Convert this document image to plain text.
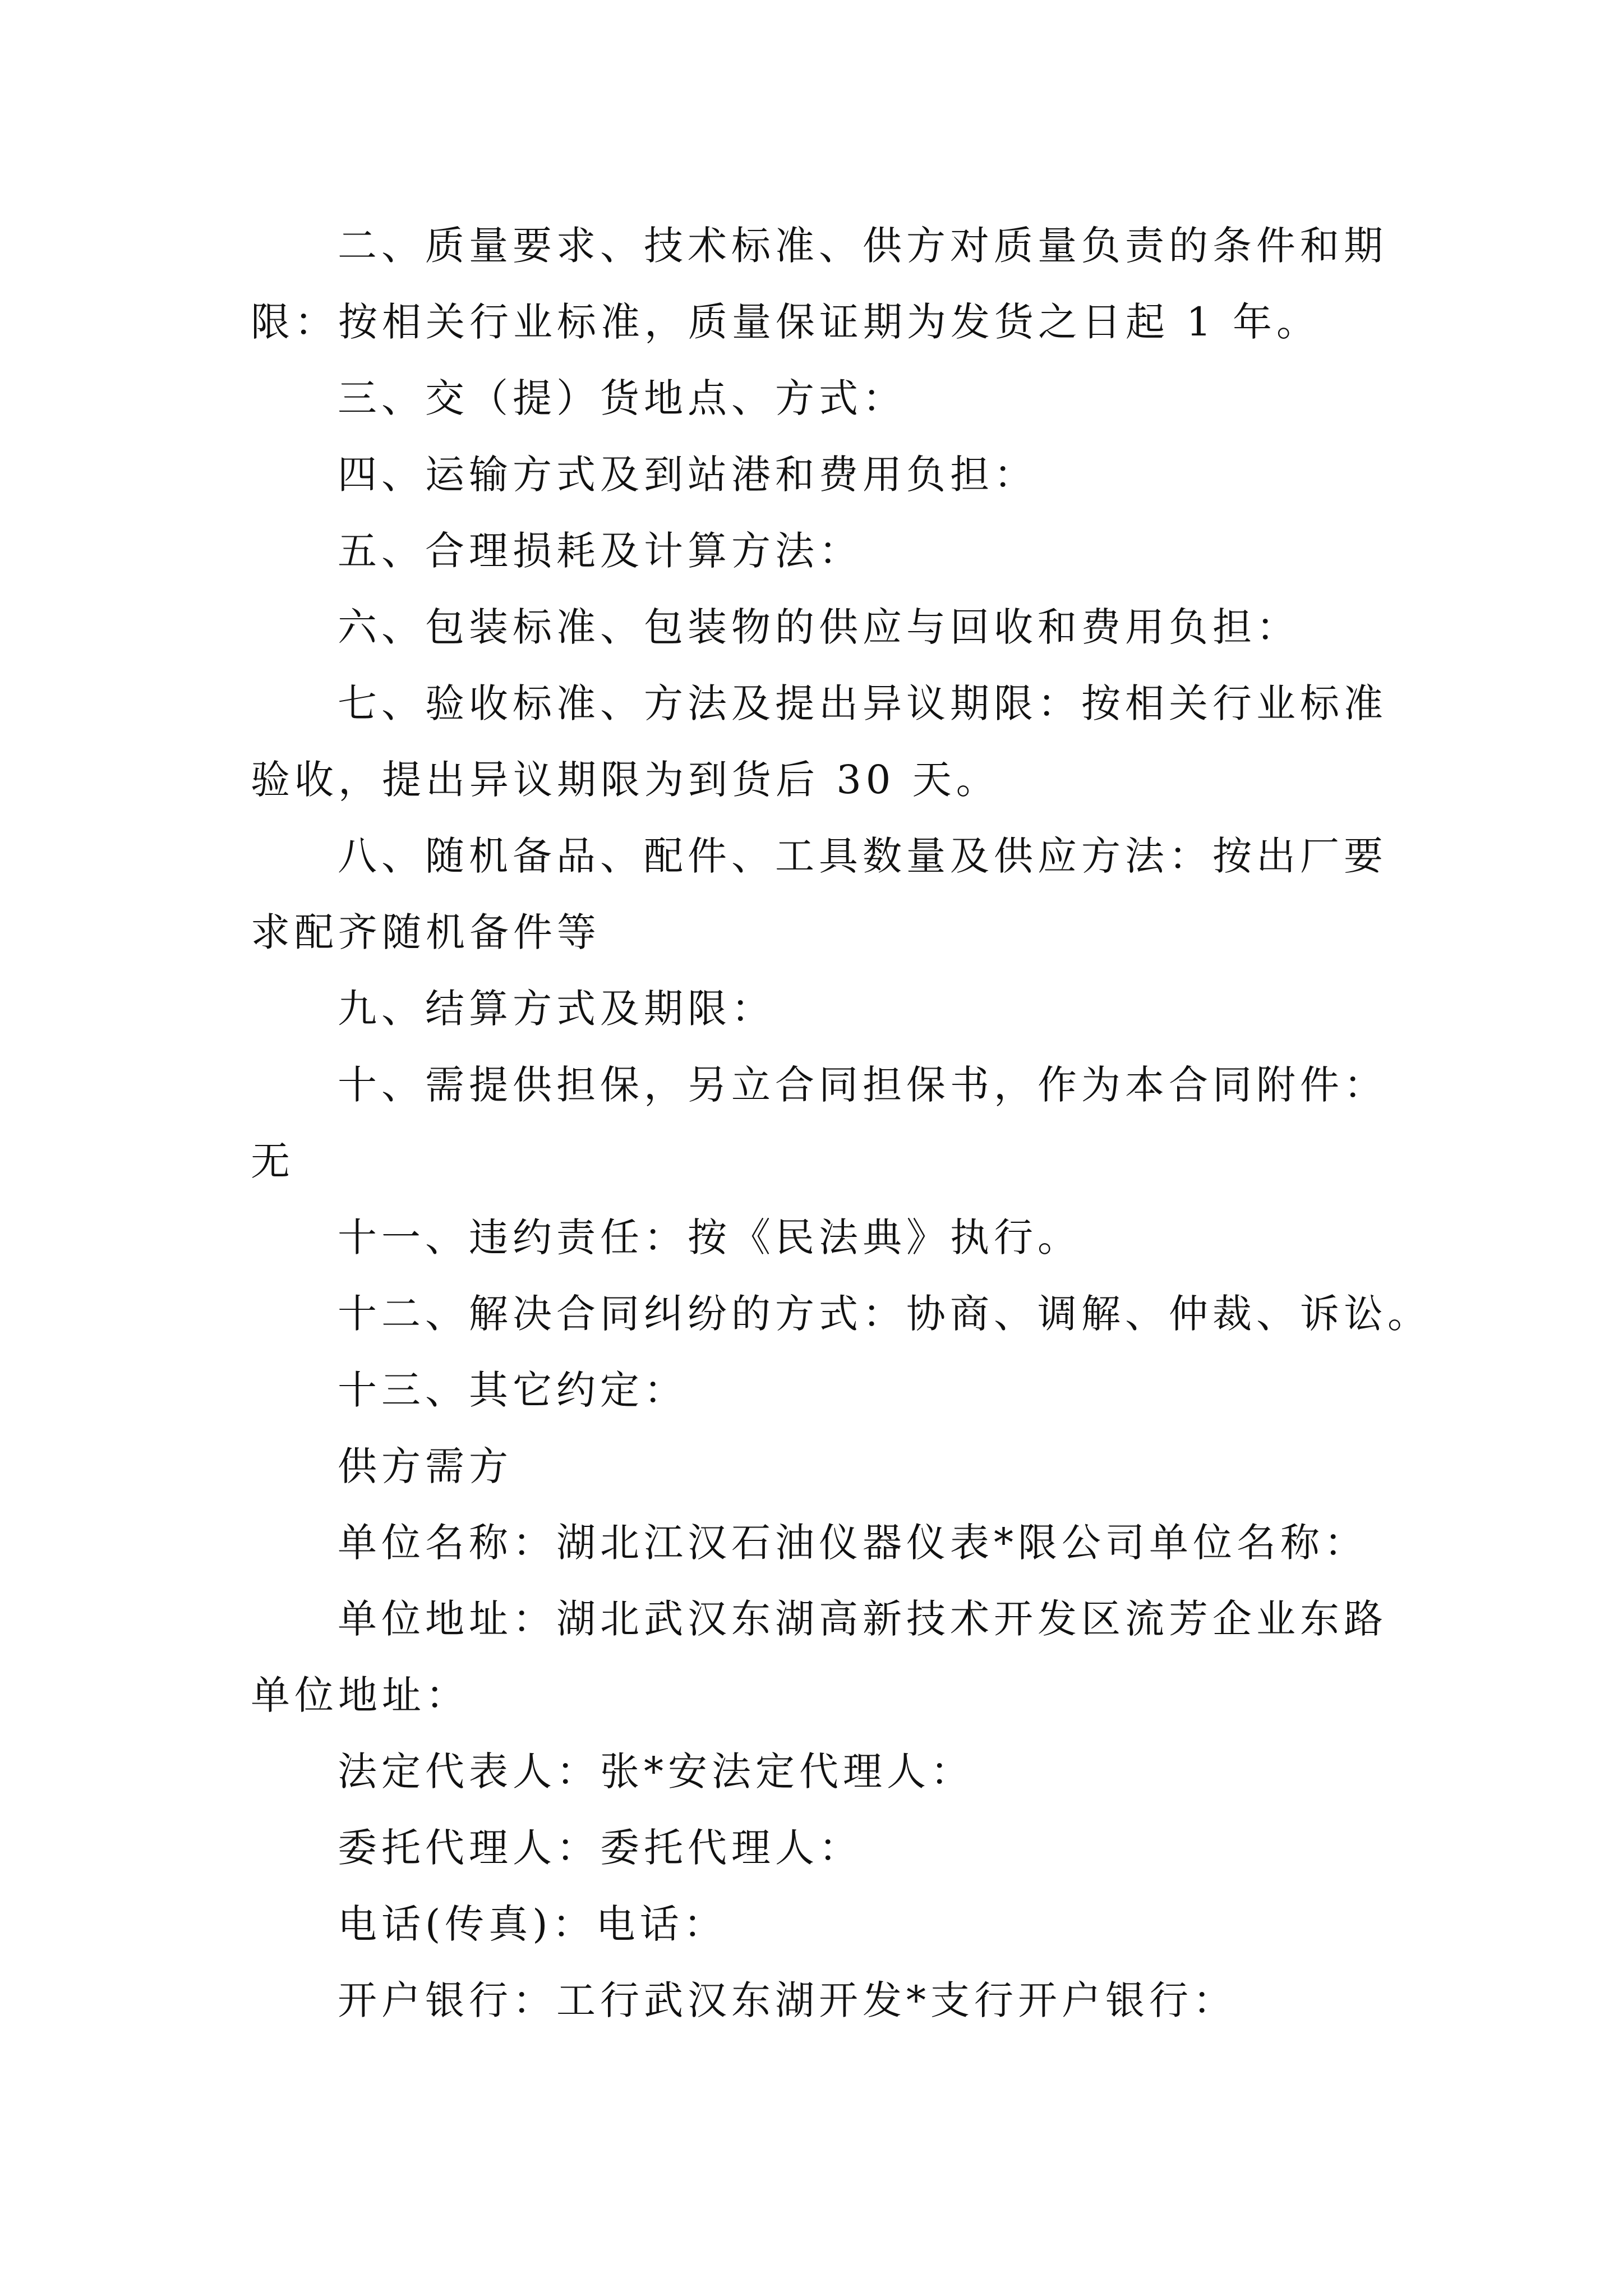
二、质量要求、技术标准、供方对质量负责的条件和期
限：按相关行业标准，质量保证期为发货之日起 1 年。
三、交（提）货地点、方式：
四、运输方式及到站港和费用负担：
五、合理损耗及计算方法：
六、包装标准、包装物的供应与回收和费用负担：
七、验收标准、方法及提出异议期限：按相关行业标准
验收，提出异议期限为到货后 30 天。
八、随机备品、配件、工具数量及供应方法：按出厂要
求配齐随机备件等
九、结算方式及期限：
十、需提供担保，另立合同担保书，作为本合同附件：
无
十一、违约责任：按《民法典》执行。
十二、解决合同纠纷的方式：协商、调解、仲裁、诉讼。
十三、其它约定：
供方需方
单位名称：湖北江汉石油仪器仪表*限公司单位名称：
单位地址：湖北武汉东湖高新技术开发区流芳企业东路
单位地址：
法定代表人：张*安法定代理人：
委托代理人：委托代理人：
电话(传真)：电话：
开户银行：工行武汉东湖开发*支行开户银行：
